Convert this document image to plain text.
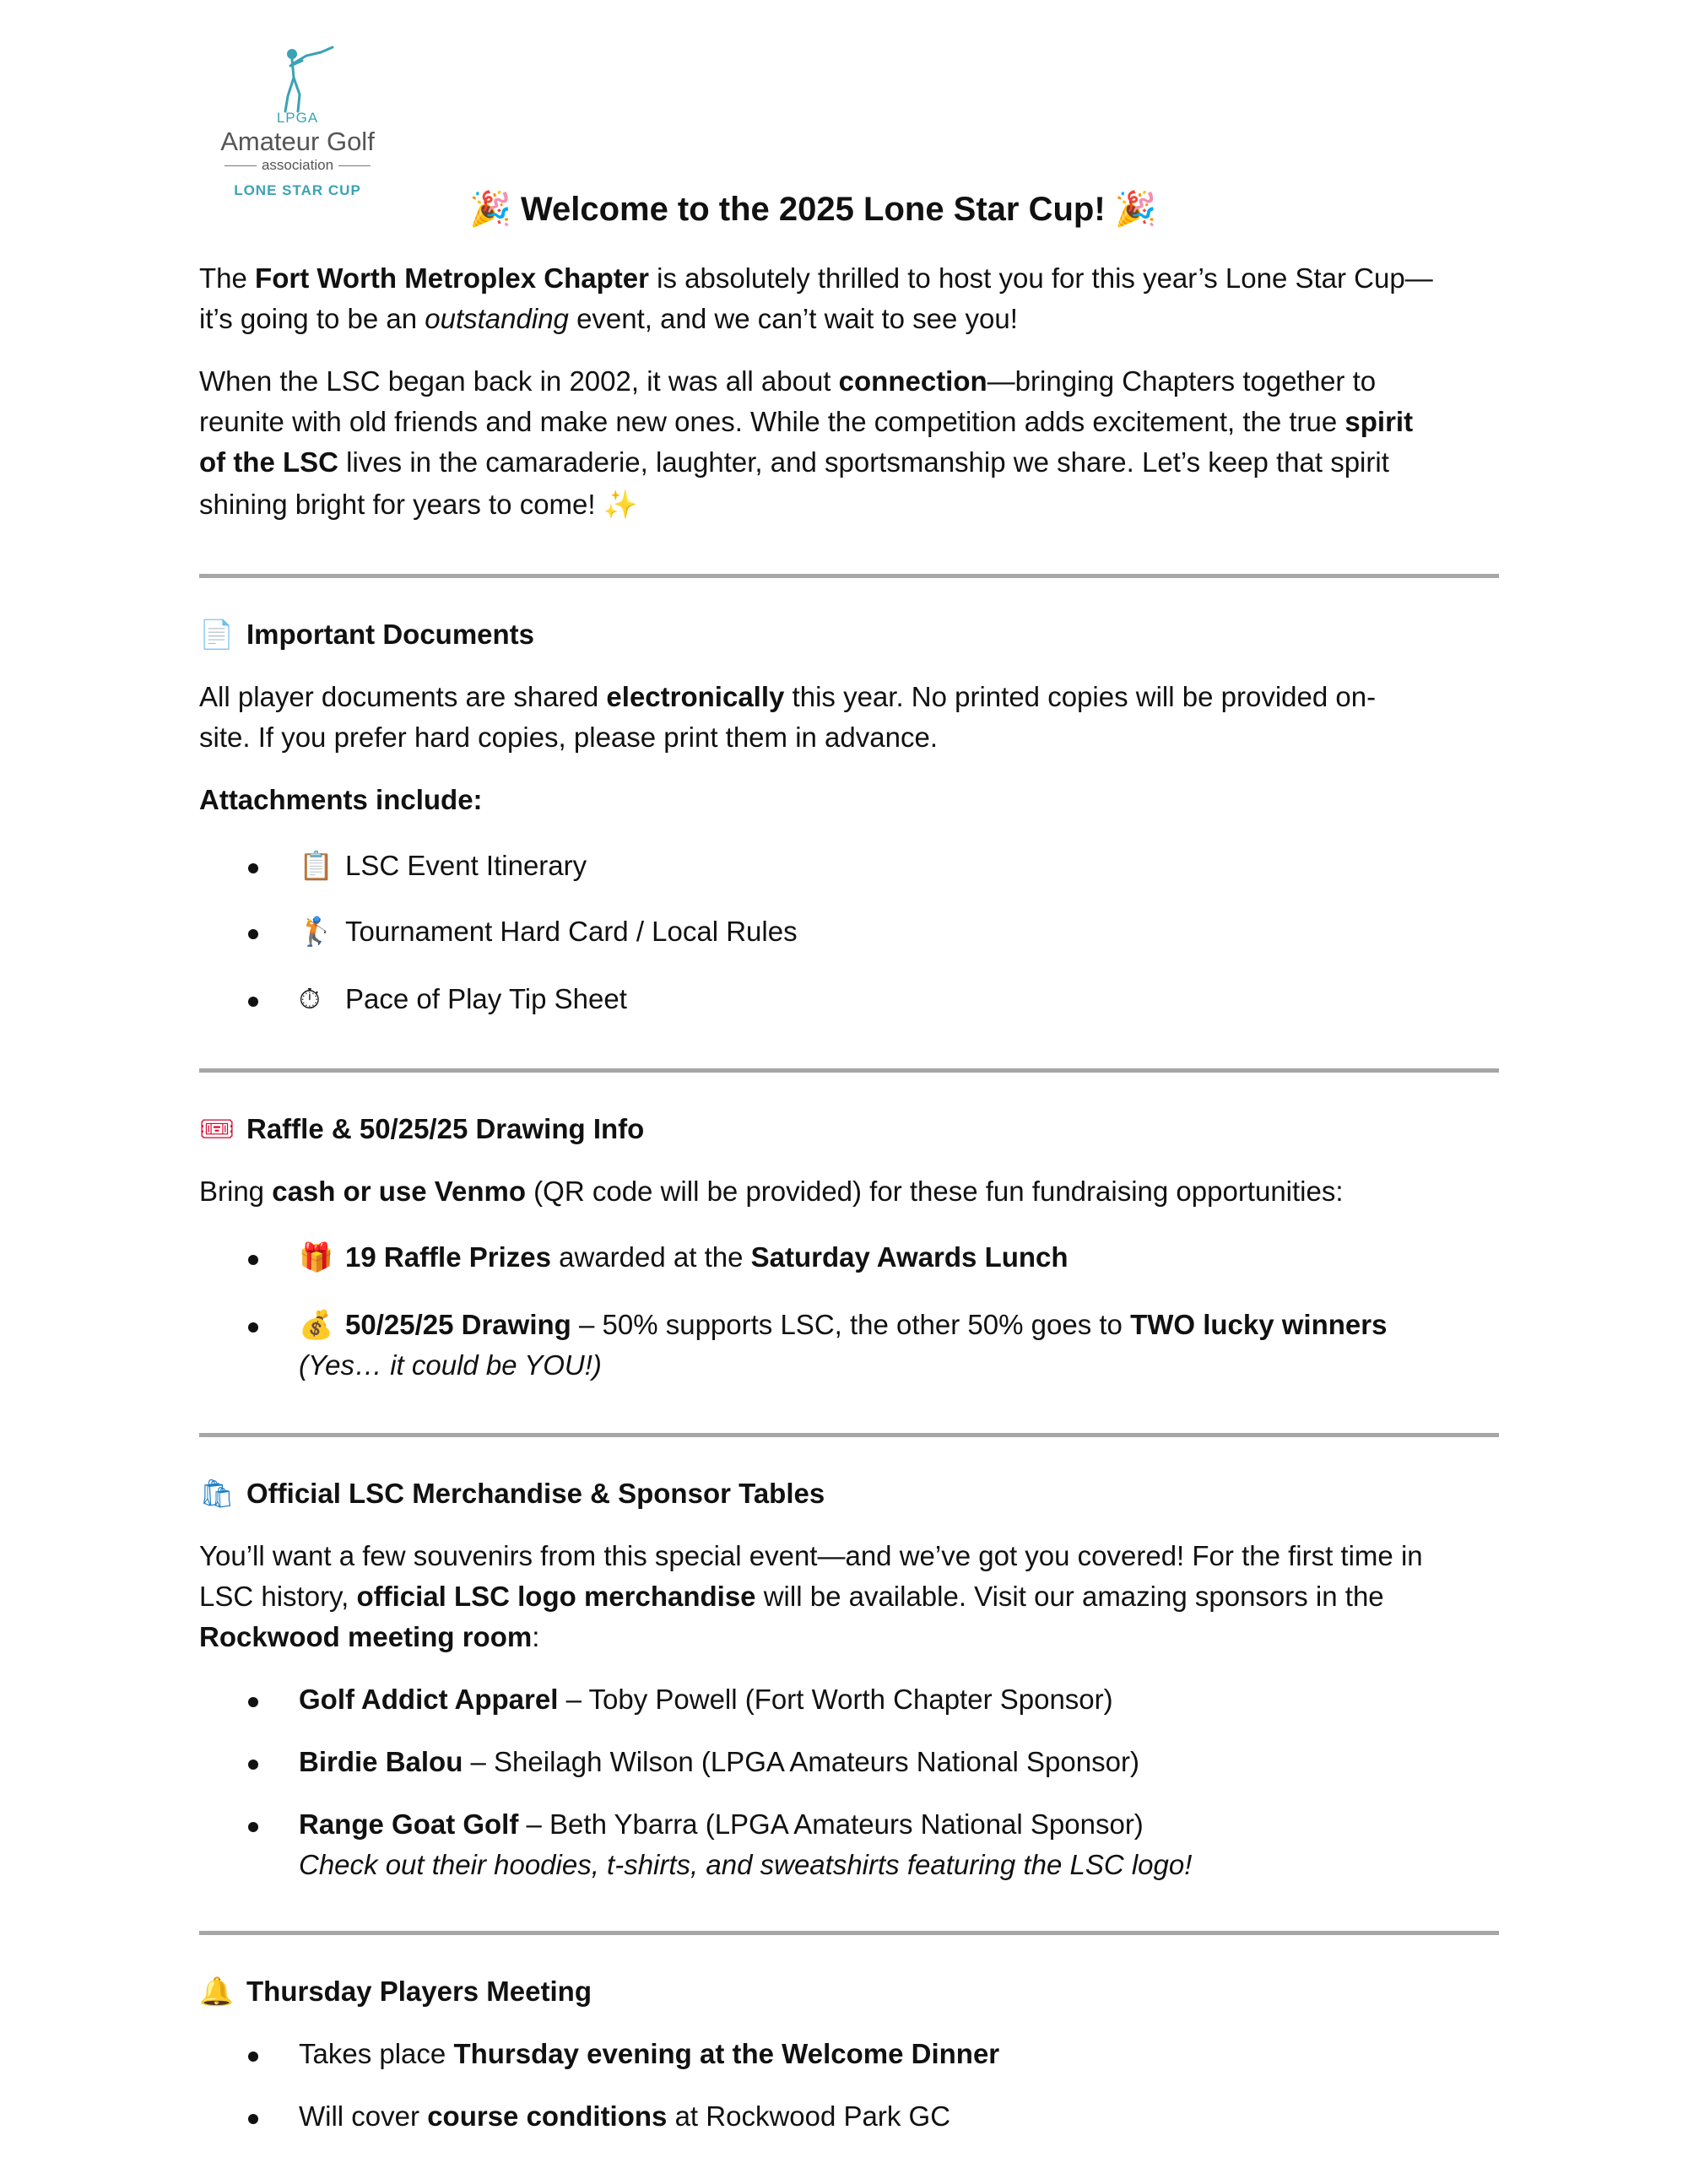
LPGA
Amateur Golf
association
LONE STAR CUP	🎉 Welcome to the 2025 Lone Star Cup! 🎉
The Fort Worth Metroplex Chapter is absolutely thrilled to host you for this year’s Lone Star Cup—
it’s going to be an outstanding event, and we can’t wait to see you!
When the LSC began back in 2002, it was all about connection—bringing Chapters together to
reunite with old friends and make new ones. While the competition adds excitement, the true spirit
of the LSC lives in the camaraderie, laughter, and sportsmanship we share. Let’s keep that spirit
shining bright for years to come! ✨
📄 Important Documents
All player documents are shared electronically this year. No printed copies will be provided on-
site. If you prefer hard copies, please print them in advance.
Attachments include:
📋 LSC Event Itinerary
🏌 Tournament Hard Card / Local Rules
⏱ Pace of Play Tip Sheet
🎟 Raffle & 50/25/25 Drawing Info
Bring cash or use Venmo (QR code will be provided) for these fun fundraising opportunities:
🎁 19 Raffle Prizes awarded at the Saturday Awards Lunch
💰 50/25/25 Drawing – 50% supports LSC, the other 50% goes to TWO lucky winners
(Yes… it could be YOU!)
🛍 Official LSC Merchandise & Sponsor Tables
You’ll want a few souvenirs from this special event—and we’ve got you covered! For the first time in
LSC history, official LSC logo merchandise will be available. Visit our amazing sponsors in the
Rockwood meeting room:
Golf Addict Apparel – Toby Powell (Fort Worth Chapter Sponsor)
Birdie Balou – Sheilagh Wilson (LPGA Amateurs National Sponsor)
Range Goat Golf – Beth Ybarra (LPGA Amateurs National Sponsor)
Check out their hoodies, t-shirts, and sweatshirts featuring the LSC logo!
🔔 Thursday Players Meeting
Takes place Thursday evening at the Welcome Dinner
Will cover course conditions at Rockwood Park GC
